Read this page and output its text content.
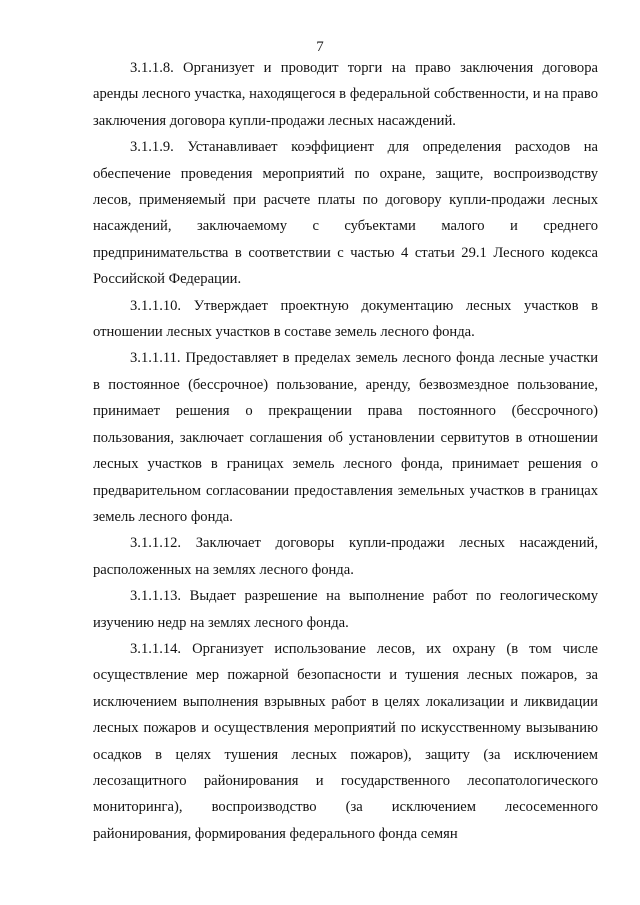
7

3.1.1.8. Организует и проводит торги на право заключения договора аренды лесного участка, находящегося в федеральной собственности, и на право заключения договора купли-продажи лесных насаждений.

3.1.1.9. Устанавливает коэффициент для определения расходов на обеспечение проведения мероприятий по охране, защите, воспроизводству лесов, применяемый при расчете платы по договору купли-продажи лесных насаждений, заключаемому с субъектами малого и среднего предпринимательства в соответствии с частью 4 статьи 29.1 Лесного кодекса Российской Федерации.

3.1.1.10. Утверждает проектную документацию лесных участков в отношении лесных участков в составе земель лесного фонда.

3.1.1.11. Предоставляет в пределах земель лесного фонда лесные участки в постоянное (бессрочное) пользование, аренду, безвозмездное пользование, принимает решения о прекращении права постоянного (бессрочного) пользования, заключает соглашения об установлении сервитутов в отношении лесных участков в границах земель лесного фонда, принимает решения о предварительном согласовании предоставления земельных участков в границах земель лесного фонда.

3.1.1.12. Заключает договоры купли-продажи лесных насаждений, расположенных на землях лесного фонда.

3.1.1.13. Выдает разрешение на выполнение работ по геологическому изучению недр на землях лесного фонда.

3.1.1.14. Организует использование лесов, их охрану (в том числе осуществление мер пожарной безопасности и тушения лесных пожаров, за исключением выполнения взрывных работ в целях локализации и ликвидации лесных пожаров и осуществления мероприятий по искусственному вызыванию осадков в целях тушения лесных пожаров), защиту (за исключением лесозащитного районирования и государственного лесопатологического мониторинга), воспроизводство (за исключением лесосеменного районирования, формирования федерального фонда семян
